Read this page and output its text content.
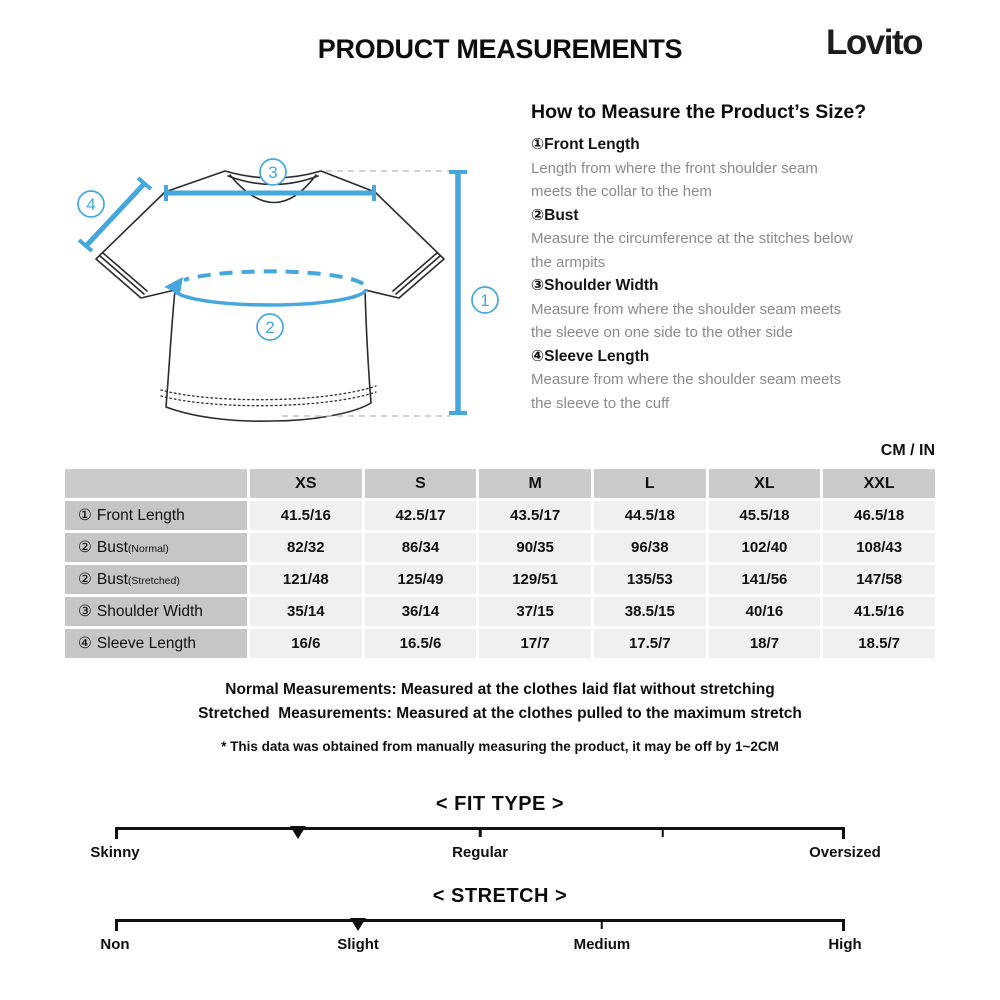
PRODUCT MEASUREMENTS	Lovito
3
4
2
1
How to Measure the Product’s Size?
①Front Length
Length from where the front shoulder seam
meets the collar to the hem
②Bust
Measure the circumference at the stitches below
the armpits
③Shoulder Width
Measure from where the shoulder seam meets
the sleeve on one side to the other side
④Sleeve Length
Measure from where the shoulder seam meets
the sleeve to the cuff
CM / IN
	XS	S	M	L	XL	XXL
① Front Length	41.5/16	42.5/17	43.5/17	44.5/18	45.5/18	46.5/18
② Bust(Normal)	82/32	86/34	90/35	96/38	102/40	108/43
② Bust(Stretched)	121/48	125/49	129/51	135/53	141/56	147/58
③ Shoulder Width	35/14	36/14	37/15	38.5/15	40/16	41.5/16
④ Sleeve Length	16/6	16.5/6	17/7	17.5/7	18/7	18.5/7
Normal Measurements: Measured at the clothes laid flat without stretching
Stretched  Measurements: Measured at the clothes pulled to the maximum stretch
* This data was obtained from manually measuring the product, it may be off by 1~2CM
< FIT TYPE >
Skinny	Regular	Oversized
< STRETCH >
Non	Slight	Medium	High
